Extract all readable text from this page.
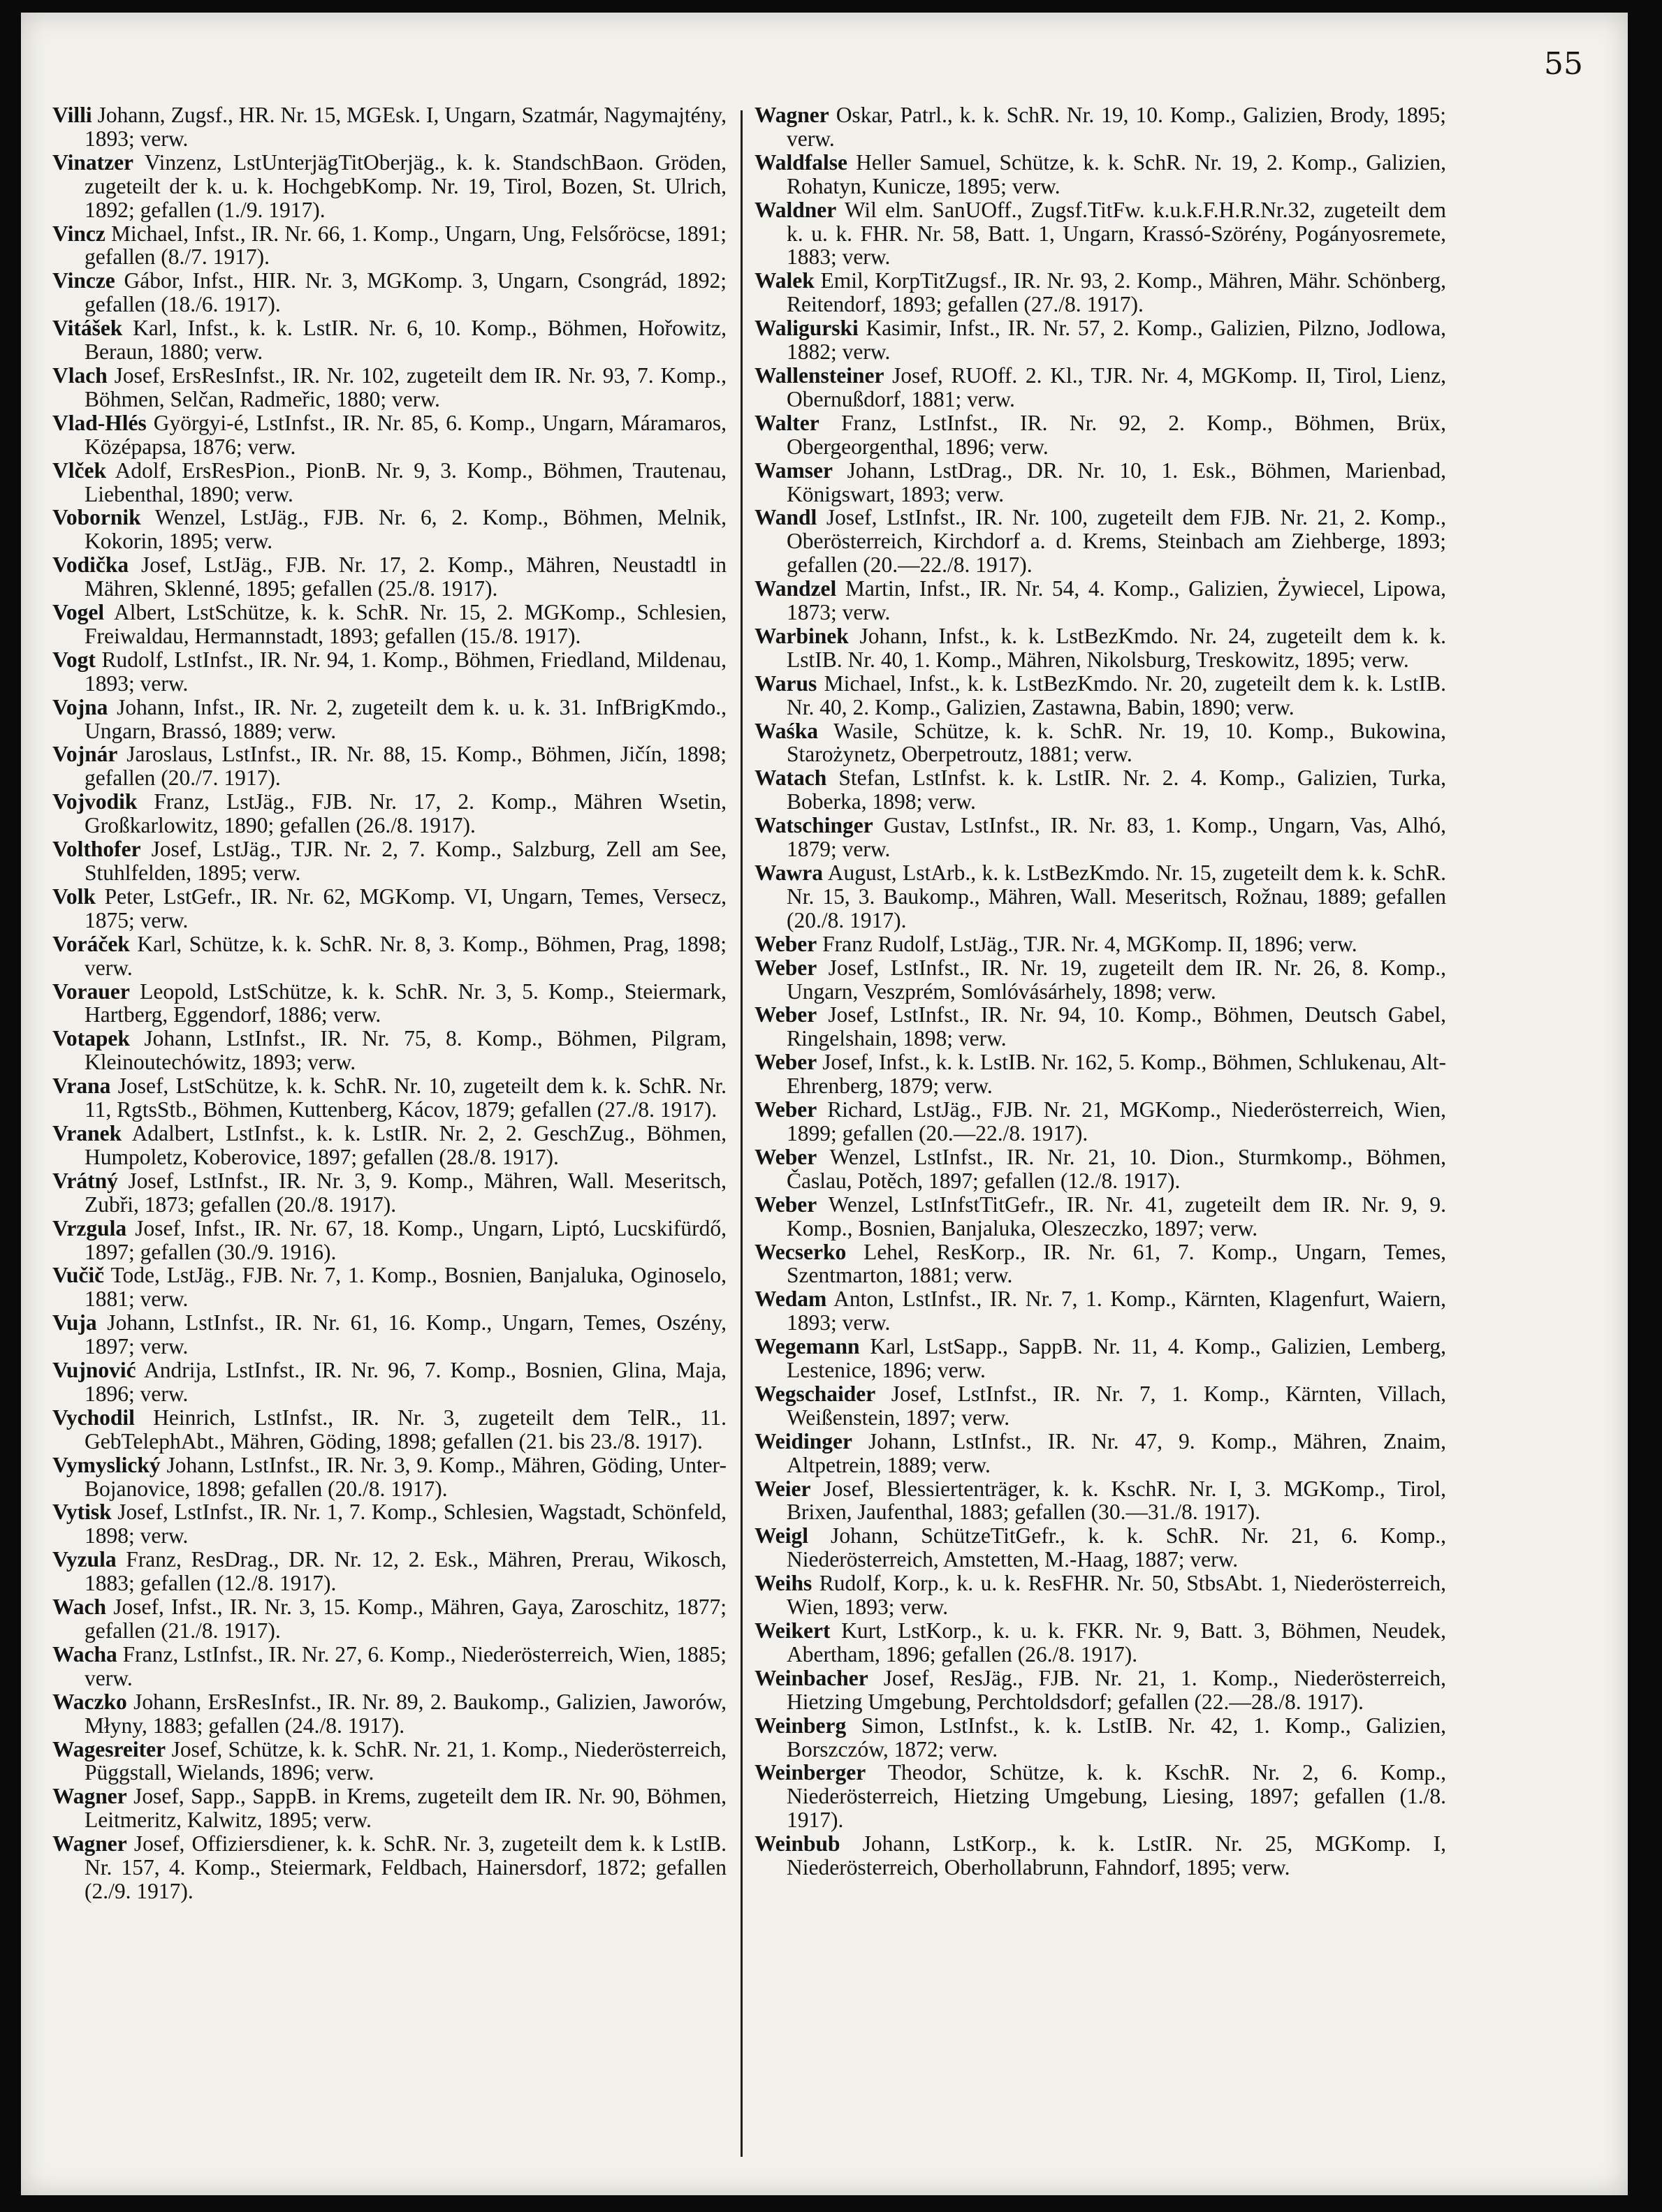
55

Villi Johann, Zugsf., HR. Nr. 15, MGEsk. I, Ungarn, Szatmár, Nagymajtény, 1893; verw.

Vinatzer Vinzenz, LstUnterjägTitOberjäg., k. k. StandschBaon. Gröden, zugeteilt der k. u. k. HochgebKomp. Nr. 19, Tirol, Bozen, St. Ulrich, 1892; gefallen (1./9. 1917).

Vincz Michael, Infst., IR. Nr. 66, 1. Komp., Ungarn, Ung, Felsőröcse, 1891; gefallen (8./7. 1917).

Vincze Gábor, Infst., HIR. Nr. 3, MGKomp. 3, Ungarn, Csongrád, 1892; gefallen (18./6. 1917).

Vitášek Karl, Infst., k. k. LstIR. Nr. 6, 10. Komp., Böhmen, Hořowitz, Beraun, 1880; verw.

Vlach Josef, ErsResInfst., IR. Nr. 102, zugeteilt dem IR. Nr. 93, 7. Komp., Böhmen, Selčan, Radmeřic, 1880; verw.

Vlad-Hlés Györgyi-é, LstInfst., IR. Nr. 85, 6. Komp., Ungarn, Máramaros, Középapsa, 1876; verw.

Vlček Adolf, ErsResPion., PionB. Nr. 9, 3. Komp., Böhmen, Trautenau, Liebenthal, 1890; verw.

Vobornik Wenzel, LstJäg., FJB. Nr. 6, 2. Komp., Böhmen, Melnik, Kokorin, 1895; verw.

Vodička Josef, LstJäg., FJB. Nr. 17, 2. Komp., Mähren, Neustadtl in Mähren, Sklenné, 1895; gefallen (25./8. 1917).

Vogel Albert, LstSchütze, k. k. SchR. Nr. 15, 2. MGKomp., Schlesien, Freiwaldau, Hermannstadt, 1893; gefallen (15./8. 1917).

Vogt Rudolf, LstInfst., IR. Nr. 94, 1. Komp., Böhmen, Friedland, Mildenau, 1893; verw.

Vojna Johann, Infst., IR. Nr. 2, zugeteilt dem k. u. k. 31. InfBrigKmdo., Ungarn, Brassó, 1889; verw.

Vojnár Jaroslaus, LstInfst., IR. Nr. 88, 15. Komp., Böhmen, Jičín, 1898; gefallen (20./7. 1917).

Vojvodik Franz, LstJäg., FJB. Nr. 17, 2. Komp., Mähren Wsetin, Großkarlowitz, 1890; gefallen (26./8. 1917).

Volthofer Josef, LstJäg., TJR. Nr. 2, 7. Komp., Salzburg, Zell am See, Stuhlfelden, 1895; verw.

Volk Peter, LstGefr., IR. Nr. 62, MGKomp. VI, Ungarn, Temes, Versecz, 1875; verw.

Voráček Karl, Schütze, k. k. SchR. Nr. 8, 3. Komp., Böhmen, Prag, 1898; verw.

Vorauer Leopold, LstSchütze, k. k. SchR. Nr. 3, 5. Komp., Steiermark, Hartberg, Eggendorf, 1886; verw.

Votapek Johann, LstInfst., IR. Nr. 75, 8. Komp., Böhmen, Pilgram, Kleinoutechówitz, 1893; verw.

Vrana Josef, LstSchütze, k. k. SchR. Nr. 10, zugeteilt dem k. k. SchR. Nr. 11, RgtsStb., Böhmen, Kuttenberg, Kácov, 1879; gefallen (27./8. 1917).

Vranek Adalbert, LstInfst., k. k. LstIR. Nr. 2, 2. GeschZug., Böhmen, Humpoletz, Koberovice, 1897; gefallen (28./8. 1917).

Vrátný Josef, LstInfst., IR. Nr. 3, 9. Komp., Mähren, Wall. Meseritsch, Zubři, 1873; gefallen (20./8. 1917).

Vrzgula Josef, Infst., IR. Nr. 67, 18. Komp., Ungarn, Liptó, Lucskifürdő, 1897; gefallen (30./9. 1916).

Vučič Tode, LstJäg., FJB. Nr. 7, 1. Komp., Bosnien, Banjaluka, Oginoselo, 1881; verw.

Vuja Johann, LstInfst., IR. Nr. 61, 16. Komp., Ungarn, Temes, Oszény, 1897; verw.

Vujnović Andrija, LstInfst., IR. Nr. 96, 7. Komp., Bosnien, Glina, Maja, 1896; verw.

Vychodil Heinrich, LstInfst., IR. Nr. 3, zugeteilt dem TelR., 11. GebTelephAbt., Mähren, Göding, 1898; gefallen (21. bis 23./8. 1917).

Vymyslický Johann, LstInfst., IR. Nr. 3, 9. Komp., Mähren, Göding, Unter-Bojanovice, 1898; gefallen (20./8. 1917).

Vytisk Josef, LstInfst., IR. Nr. 1, 7. Komp., Schlesien, Wagstadt, Schönfeld, 1898; verw.

Vyzula Franz, ResDrag., DR. Nr. 12, 2. Esk., Mähren, Prerau, Wikosch, 1883; gefallen (12./8. 1917).

Wach Josef, Infst., IR. Nr. 3, 15. Komp., Mähren, Gaya, Zaroschitz, 1877; gefallen (21./8. 1917).

Wacha Franz, LstInfst., IR. Nr. 27, 6. Komp., Niederösterreich, Wien, 1885; verw.

Waczko Johann, ErsResInfst., IR. Nr. 89, 2. Baukomp., Galizien, Jaworów, Młyny, 1883; gefallen (24./8. 1917).

Wagesreiter Josef, Schütze, k. k. SchR. Nr. 21, 1. Komp., Niederösterreich, Püggstall, Wielands, 1896; verw.

Wagner Josef, Sapp., SappB. in Krems, zugeteilt dem IR. Nr. 90, Böhmen, Leitmeritz, Kalwitz, 1895; verw.

Wagner Josef, Offiziersdiener, k. k. SchR. Nr. 3, zugeteilt dem k. k LstIB. Nr. 157, 4. Komp., Steiermark, Feldbach, Hainersdorf, 1872; gefallen (2./9. 1917).

Wagner Oskar, Patrl., k. k. SchR. Nr. 19, 10. Komp., Galizien, Brody, 1895; verw.

Waldfalse Heller Samuel, Schütze, k. k. SchR. Nr. 19, 2. Komp., Galizien, Rohatyn, Kunicze, 1895; verw.

Waldner Wil elm. SanUOff., Zugsf.TitFw. k.u.k.F.H.R.Nr.32, zugeteilt dem k. u. k. FHR. Nr. 58, Batt. 1, Ungarn, Krassó-Szörény, Pogányosremete, 1883; verw.

Walek Emil, KorpTitZugsf., IR. Nr. 93, 2. Komp., Mähren, Mähr. Schönberg, Reitendorf, 1893; gefallen (27./8. 1917).

Waligurski Kasimir, Infst., IR. Nr. 57, 2. Komp., Galizien, Pilzno, Jodlowa, 1882; verw.

Wallensteiner Josef, RUOff. 2. Kl., TJR. Nr. 4, MGKomp. II, Tirol, Lienz, Obernußdorf, 1881; verw.

Walter Franz, LstInfst., IR. Nr. 92, 2. Komp., Böhmen, Brüx, Obergeorgenthal, 1896; verw.

Wamser Johann, LstDrag., DR. Nr. 10, 1. Esk., Böhmen, Marienbad, Königswart, 1893; verw.

Wandl Josef, LstInfst., IR. Nr. 100, zugeteilt dem FJB. Nr. 21, 2. Komp., Oberösterreich, Kirchdorf a. d. Krems, Steinbach am Ziehberge, 1893; gefallen (20.—22./8. 1917).

Wandzel Martin, Infst., IR. Nr. 54, 4. Komp., Galizien, Żywiecel, Lipowa, 1873; verw.

Warbinek Johann, Infst., k. k. LstBezKmdo. Nr. 24, zugeteilt dem k. k. LstIB. Nr. 40, 1. Komp., Mähren, Nikolsburg, Treskowitz, 1895; verw.

Warus Michael, Infst., k. k. LstBezKmdo. Nr. 20, zugeteilt dem k. k. LstIB. Nr. 40, 2. Komp., Galizien, Zastawna, Babin, 1890; verw.

Waśka Wasile, Schütze, k. k. SchR. Nr. 19, 10. Komp., Bukowina, Starożynetz, Oberpetroutz, 1881; verw.

Watach Stefan, LstInfst. k. k. LstIR. Nr. 2. 4. Komp., Galizien, Turka, Boberka, 1898; verw.

Watschinger Gustav, LstInfst., IR. Nr. 83, 1. Komp., Ungarn, Vas, Alhó, 1879; verw.

Wawra August, LstArb., k. k. LstBezKmdo. Nr. 15, zugeteilt dem k. k. SchR. Nr. 15, 3. Baukomp., Mähren, Wall. Meseritsch, Rožnau, 1889; gefallen (20./8. 1917).

Weber Franz Rudolf, LstJäg., TJR. Nr. 4, MGKomp. II, 1896; verw.

Weber Josef, LstInfst., IR. Nr. 19, zugeteilt dem IR. Nr. 26, 8. Komp., Ungarn, Veszprém, Somlóvásárhely, 1898; verw.

Weber Josef, LstInfst., IR. Nr. 94, 10. Komp., Böhmen, Deutsch Gabel, Ringelshain, 1898; verw.

Weber Josef, Infst., k. k. LstIB. Nr. 162, 5. Komp., Böhmen, Schlukenau, Alt-Ehrenberg, 1879; verw.

Weber Richard, LstJäg., FJB. Nr. 21, MGKomp., Niederösterreich, Wien, 1899; gefallen (20.—22./8. 1917).

Weber Wenzel, LstInfst., IR. Nr. 21, 10. Dion., Sturmkomp., Böhmen, Časlau, Potěch, 1897; gefallen (12./8. 1917).

Weber Wenzel, LstInfstTitGefr., IR. Nr. 41, zugeteilt dem IR. Nr. 9, 9. Komp., Bosnien, Banjaluka, Oleszeczko, 1897; verw.

Wecserko Lehel, ResKorp., IR. Nr. 61, 7. Komp., Ungarn, Temes, Szentmarton, 1881; verw.

Wedam Anton, LstInfst., IR. Nr. 7, 1. Komp., Kärnten, Klagenfurt, Waiern, 1893; verw.

Wegemann Karl, LstSapp., SappB. Nr. 11, 4. Komp., Galizien, Lemberg, Lestenice, 1896; verw.

Wegschaider Josef, LstInfst., IR. Nr. 7, 1. Komp., Kärnten, Villach, Weißenstein, 1897; verw.

Weidinger Johann, LstInfst., IR. Nr. 47, 9. Komp., Mähren, Znaim, Altpetrein, 1889; verw.

Weier Josef, Blessiertenträger, k. k. KschR. Nr. I, 3. MGKomp., Tirol, Brixen, Jaufenthal, 1883; gefallen (30.—31./8. 1917).

Weigl Johann, SchützeTitGefr., k. k. SchR. Nr. 21, 6. Komp., Niederösterreich, Amstetten, M.-Haag, 1887; verw.

Weihs Rudolf, Korp., k. u. k. ResFHR. Nr. 50, StbsAbt. 1, Niederösterreich, Wien, 1893; verw.

Weikert Kurt, LstKorp., k. u. k. FKR. Nr. 9, Batt. 3, Böhmen, Neudek, Abertham, 1896; gefallen (26./8. 1917).

Weinbacher Josef, ResJäg., FJB. Nr. 21, 1. Komp., Niederösterreich, Hietzing Umgebung, Perchtoldsdorf; gefallen (22.—28./8. 1917).

Weinberg Simon, LstInfst., k. k. LstIB. Nr. 42, 1. Komp., Galizien, Borszczów, 1872; verw.

Weinberger Theodor, Schütze, k. k. KschR. Nr. 2, 6. Komp., Niederösterreich, Hietzing Umgebung, Liesing, 1897; gefallen (1./8. 1917).

Weinbub Johann, LstKorp., k. k. LstIR. Nr. 25, MGKomp. I, Niederösterreich, Oberhollabrunn, Fahndorf, 1895; verw.
